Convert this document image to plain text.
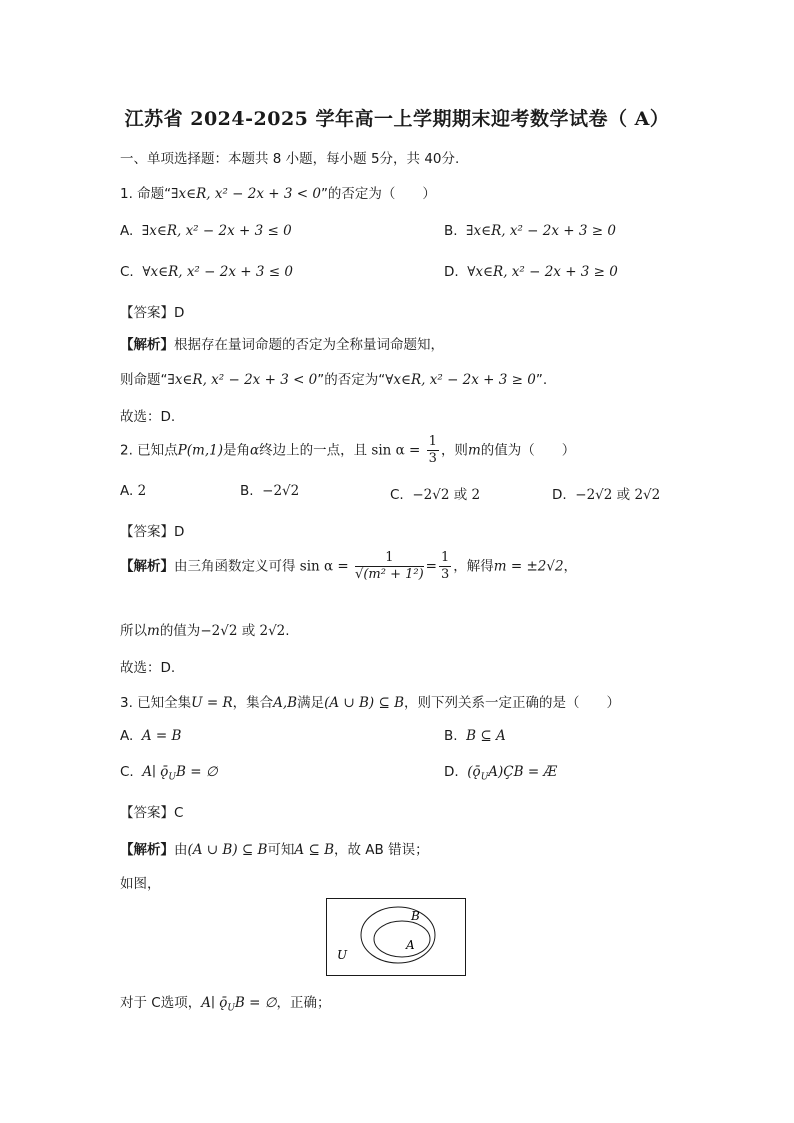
江苏省 2024-2025 学年高一上学期期末迎考数学试卷（ A）
一、单项选择题：本题共 8 小题，每小题 5分，共 40分.
1. 命题“∃x∈R, x² − 2x + 3 < 0”的否定为（　　）
A. ∃x∈R, x² − 2x + 3 ≤ 0	B. ∃x∈R, x² − 2x + 3 ≥ 0
C. ∀x∈R, x² − 2x + 3 ≤ 0	D. ∀x∈R, x² − 2x + 3 ≥ 0
【答案】D
【解析】根据存在量词命题的否定为全称量词命题知，
则命题“∃x∈R, x² − 2x + 3 < 0”的否定为“∀x∈R, x² − 2x + 3 ≥ 0”.
故选：D.
2. 已知点P(m,1)是角α终边上的一点，且 $\sin \alpha = \frac{1}{3}$ ，则m的值为（　　）
A. 2	B. −2√2	C. −2√2 或 2	D. −2√2 或 2√2
【答案】D
【解析】由三角函数定义可得 $\sin \alpha = \frac{1}{\text{√(m² + 1²)}} = \frac{1}{3}$ ，解得m = ±2√2，
所以m的值为−2√2 或 2√2.
故选：D.
3. 已知全集U = R，集合A,B满足(A ∪ B) ⊆ B，则下列关系一定正确的是（　　）
A. A = B	B. B ⊆ A
C. A∣ $ǭ_UB$ = ∅	D. $(ǭ_UA)ÇB$ = Æ
【答案】C
【解析】由(A ∪ B) ⊆ B可知A ⊆ B，故 AB 错误；
如图，
B
A
U
对于 C选项，A∣ $ǭ_UB$ = ∅，正确；
